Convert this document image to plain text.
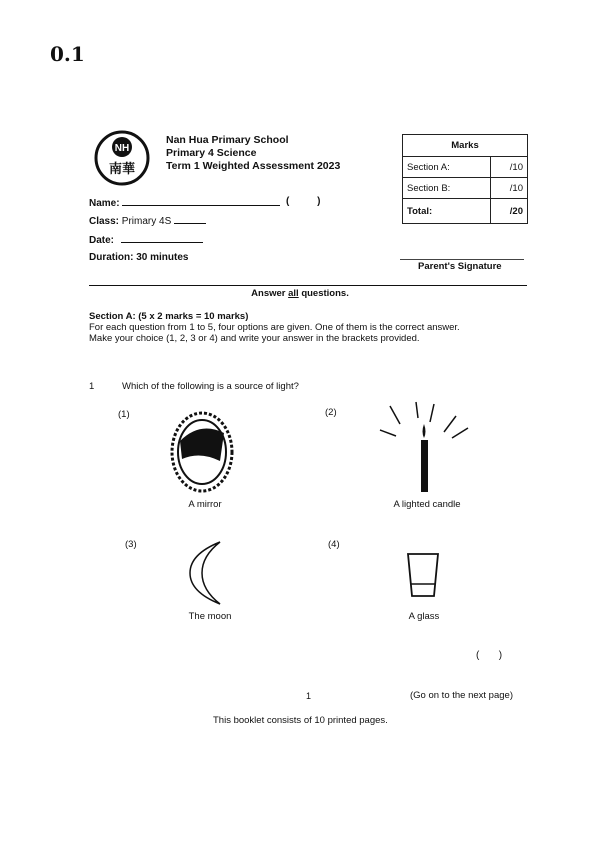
0.1
NH
南華
Nan Hua Primary School
Primary 4 Science
Term 1 Weighted Assessment 2023
Marks	
Section A:	/10
Section B:	/10
Total:	/20
Name:	(          )
Class: Primary 4S
Date:
Duration: 30 minutes
Parent's Signature
Answer all questions.
Section A: (5 x 2 marks = 10 marks)
For each question from 1 to 5, four options are given. One of them is the correct answer.
Make your choice (1, 2, 3 or 4) and write your answer in the brackets provided.
1	Which of the following is a source of light?
(1)
A mirror
(2)
A lighted candle
(3)
The moon
(4)
A glass
(       )
1	(Go on to the next page)
This booklet consists of 10 printed pages.
